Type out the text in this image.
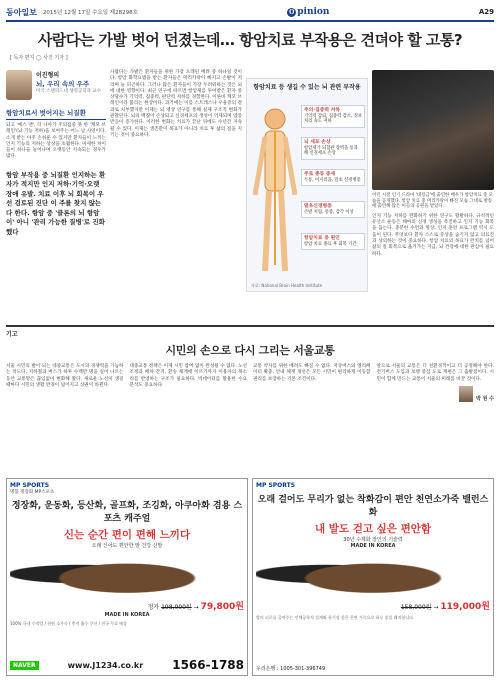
동아일보 2015년 12월 17일 수요일
제28298호	O pinion	A29
사람다는 가발 벗어 던졌는데… 항암치료 부작용은 견뎌야 할 고통?
[ 독자 편지 ◯ 사진 기자 ]
이진형의
뇌, 우리 속의 우주
미국 스탠퍼드대 생명공학과 교수
항암치료서 벗어지는 뇌질환
되고 '예스 맨'. 더 나아가 주의집중 못 한 '케모 브레인'(뇌 기능 저하)을 보여주는 어느 날 사연이다. 소개 받는 아주 손쉬운 수 있지만 환자들이 느끼는 인지 기능의 저하는 상상을 초월한다. 미세한 차이들이 하나둘 늘어나며 오랫동안 지속되는 경우가 많다.
항암 부작용 중 뇌질환 인지하는 환자가 적지만 인지 저하·기억·오랫 장애 유발. 치료 이후 뇌 회복이 우선 검토된 진단 이 주를 찾지 않는다 한다. 항암 중 '클론의 뇌 항암이' 아니 '관리 가능한 질병'로 진화했다
사람다는 가발은 환자들을 위한 가장 오래된 배려 중 하나일 것이다. 항암 화학요법을 받는 환자들은 머리카락이 빠지고 손발이 저리며 늘 피곤하다. 그러나 많은 환자들이 가장 두려워하는 것은 뇌에 대한 영향이다. 최근 연구에 따르면 항암제를 투여받은 환자 중 상당수가 기억력, 집중력, 판단력 저하를 경험한다. 이른바 케모 브레인이라 불리는 현상이다. 과거에는 이를 스트레스나 우울증의 결과로 치부했지만 이제는 뇌 영상 연구를 통해 실제 구조적 변화가 관찰된다. 뇌의 백질이 손상되고 신경세포의 생성이 억제되며 염증 반응이 증가한다. 이러한 변화는 치료가 끝난 뒤에도 수년간 지속될 수 있다. 이제는 생존만이 목표가 아니라 치료 후 삶의 질을 지키는 것이 중요하다.
항암치료 등 생길 수 있는 뇌 관련 부작용
주의·집중력 저하
기억력 감퇴, 집중력 감소, 정보 처리 속도 저하
뇌 세포 손상
항암제가 뇌혈관 장벽을 통과해 신경세포 손상
주로 종류 증세
두통, 어지러움, 말초 신경병증
말초신경병증
손발 저림, 통증, 감각 이상
항암치료 중 원인
항암 치료 종료 후 회복 기간
자료: National Brain Health Institute
어린 시절 인기 드라마 '대장금'에 출연한 배우가 항암치료 중 모습을 공개했다. 항암 치료 중 머리카락이 빠진 모습 그대로 방송에 출연해 많은 이들의 응원을 받았다.
인지 기능 저하를 완화하기 위한 연구도 활발하다. 규칙적인 유산소 운동은 해마의 신경 생성을 촉진하고 인지 기능 회복을 돕는다. 충분한 수면과 명상, 인지 훈련 프로그램 역시 도움이 된다. 무엇보다 환자 스스로 증상을 숨기지 않고 의료진과 상의하는 것이 중요하다. 항암 치료의 목표가 완치를 넘어 삶의 질 회복으로 옮겨가는 지금, 뇌 건강에 대한 관심이 필요하다.
기고
시민의 손으로 다시 그리는 서울교통
서울 시민의 발이 되는 대중교통은 도시의 경쟁력을 가늠하는 척도다. 지하철과 버스가 하루 수백만 명을 실어 나르는 동안 교통망은 끊임없이 변화해 왔다. 새로운 노선이 생길 때마다 시민의 생활 반경이 넓어지고 상권이 바뀐다.
대중교통 정책은 이제 시민 참여 없이 완성될 수 없다. 노선 조정과 배차 간격, 환승 체계에 이르기까지 이용자의 목소리를 반영하는 구조가 필요하다. 빅데이터를 활용한 수요 분석도 중요하다.
교통 약자를 위한 배려도 빠질 수 없다. 저상버스와 엘리베이터 확충, 안내 체계 개선은 모든 시민이 편리하게 이동할 권리를 보장하는 기본 조건이다.
앞으로 서울의 교통은 더 친환경적이고 더 공정해야 한다. 전기버스 도입과 보행 중심 도로 재편은 그 출발점이다. 시민이 함께 만드는 교통이 서울의 미래를 바꿀 것이다.
박 원 수
MP SPORTS
명품 정장화 MP스포츠
정장화, 운동화, 등산화, 골프화, 조깅화, 아쿠아화 겸용 스포츠 캐주얼
신는 순간 편이 편해 느끼다
오래 신어도 편안한 발 건강 신발
정가 198,000원 → 79,800원
MADE IN KOREA
100% 국내 수작업 / 천연 소가죽 / 충격 흡수 쿠션 / 전국 무료 배송
NAVER	www.J1234.co.kr 1566-1788
MP SPORTS
오래 걸어도 무리가 없는 착화감이 편안 천연소가죽 밸런스화
내 발도 걷고 싶은 편안함
30년 수제화 장인의 기술력
MADE IN KOREA
158,000원 → 119,000원
발의 피로를 줄여주는 인체공학적 설계와 통기성 좋은 천연 가죽으로 하루 종일 쾌적합니다.
우리은행 : 1005-301-396749
